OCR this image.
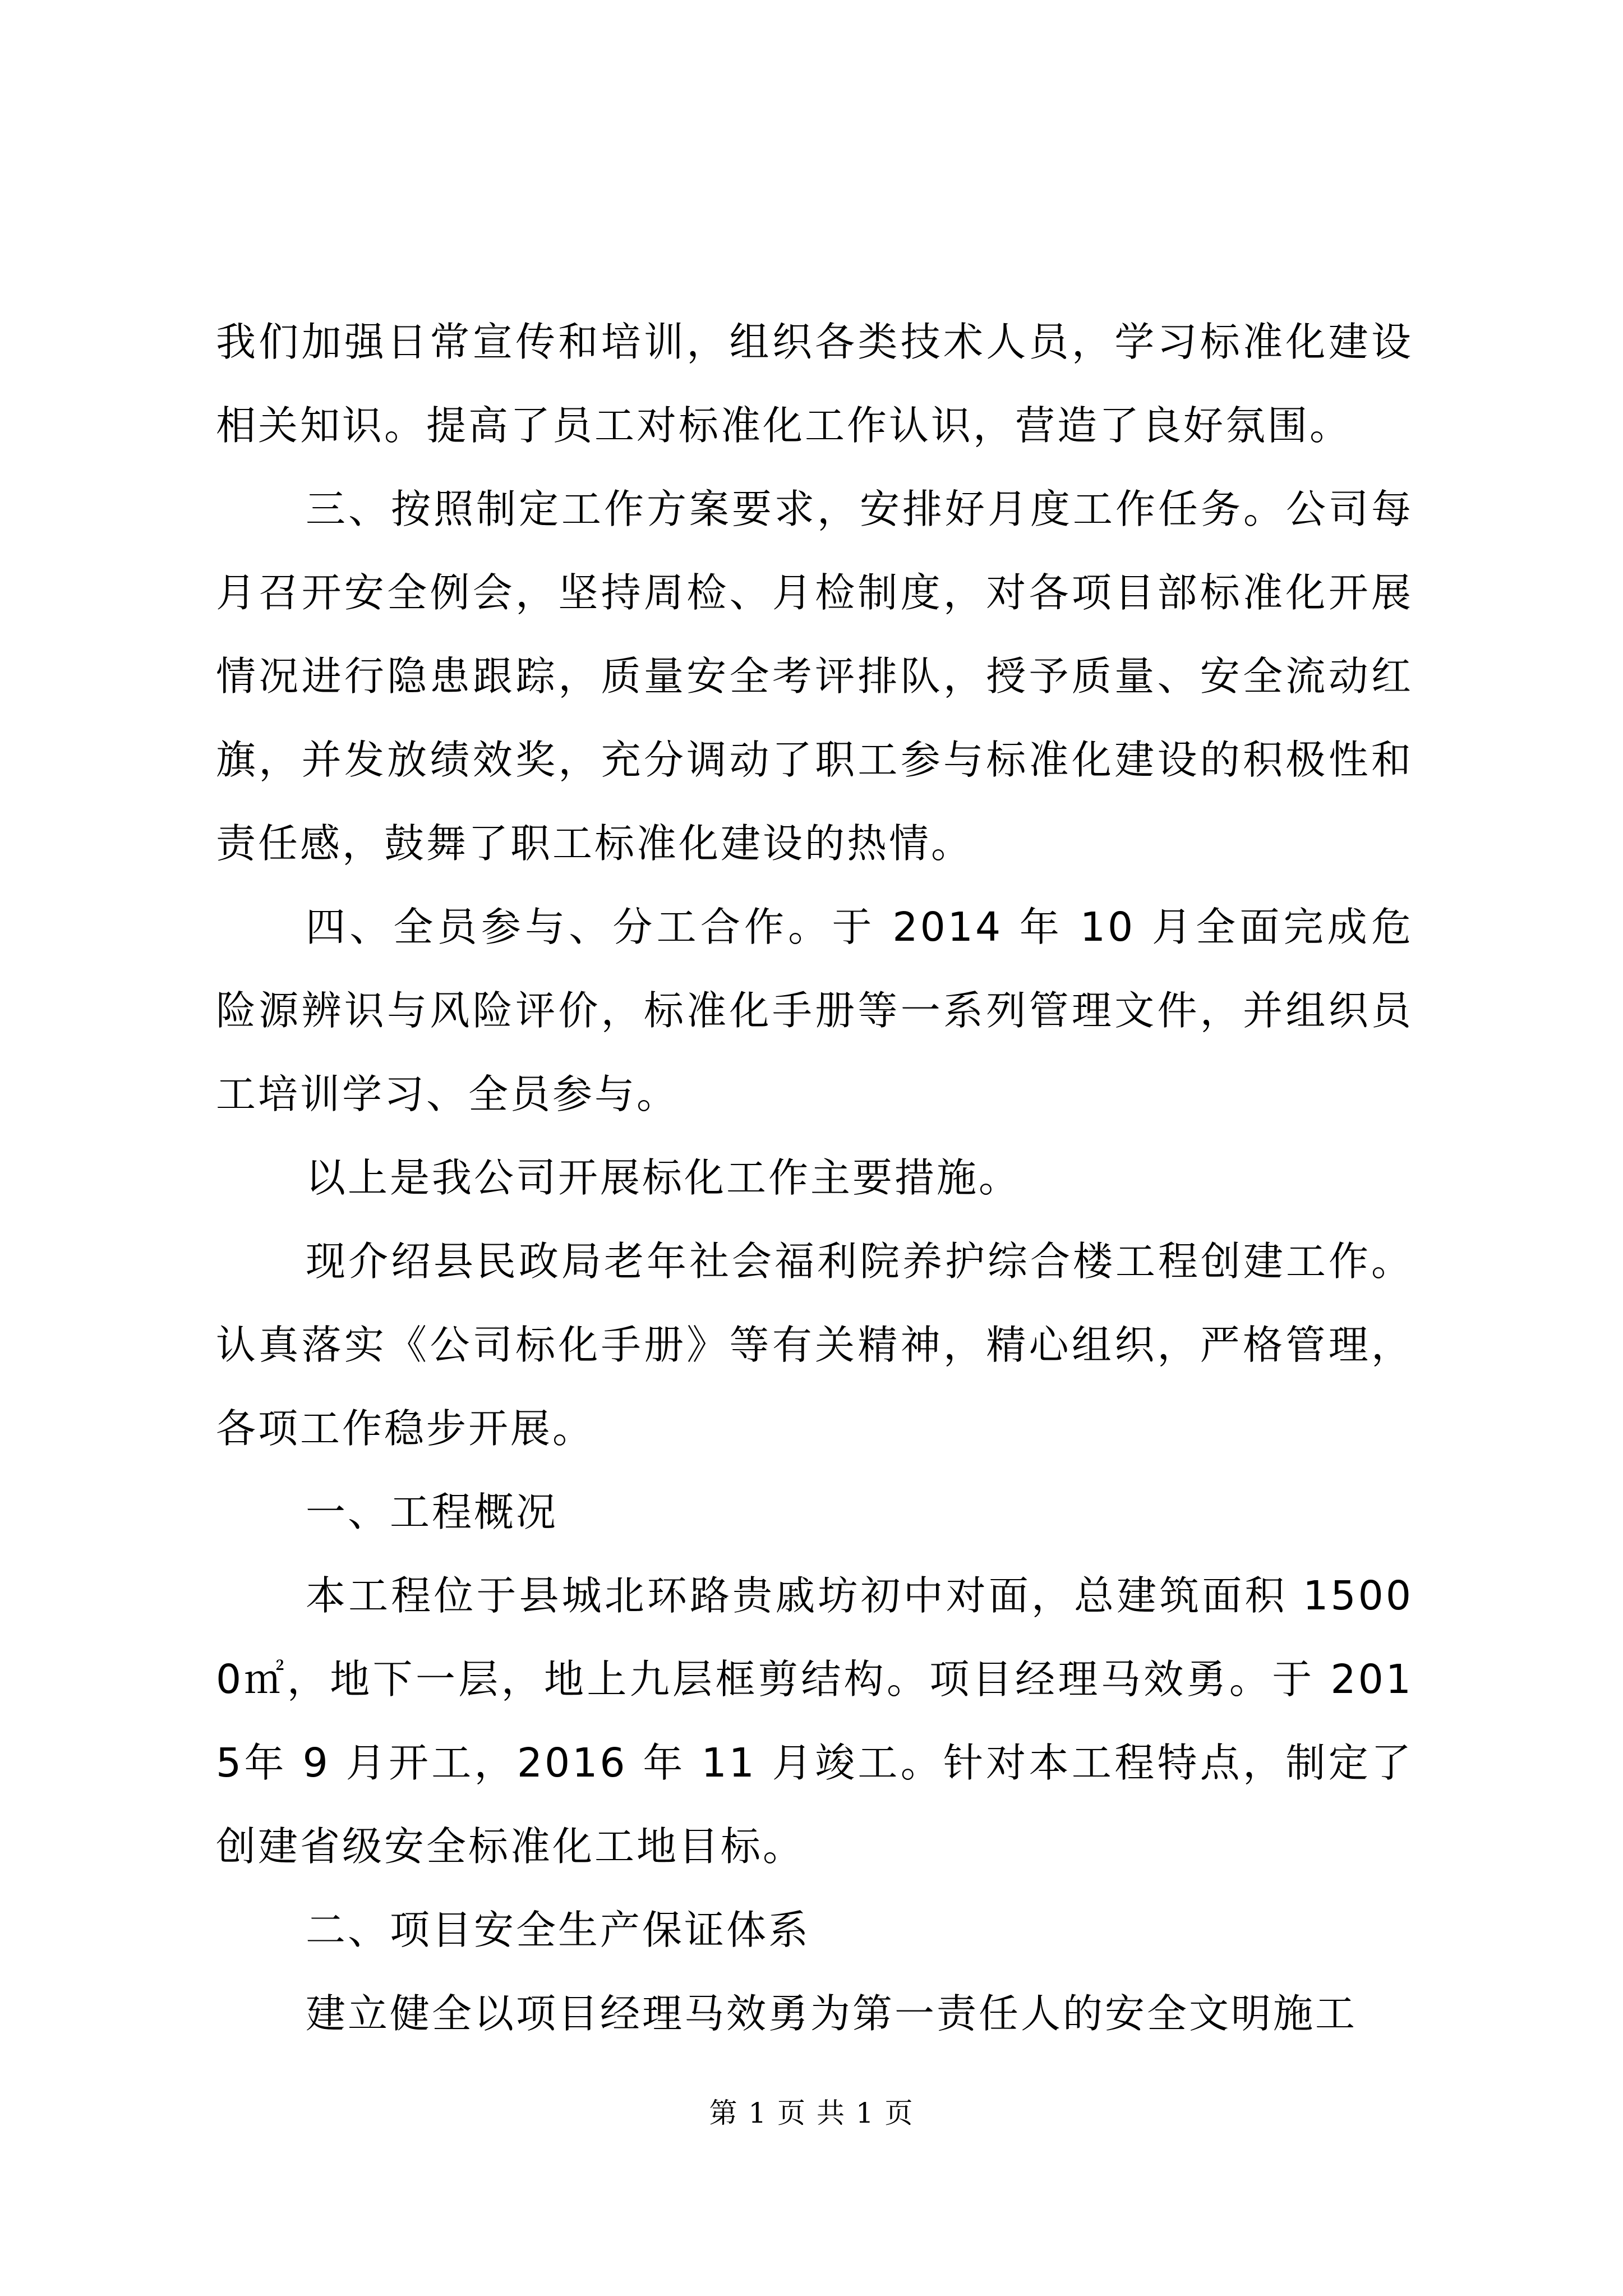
我们加强日常宣传和培训，组织各类技术人员，学习标准化建设相关知识。提高了员工对标准化工作认识，营造了良好氛围。

三、按照制定工作方案要求，安排好月度工作任务。公司每月召开安全例会，坚持周检、月检制度，对各项目部标准化开展情况进行隐患跟踪，质量安全考评排队，授予质量、安全流动红旗，并发放绩效奖，充分调动了职工参与标准化建设的积极性和责任感，鼓舞了职工标准化建设的热情。

四、全员参与、分工合作。于 2014 年 10 月全面完成危险源辨识与风险评价，标准化手册等一系列管理文件，并组织员工培训学习、全员参与。

以上是我公司开展标化工作主要措施。

现介绍县民政局老年社会福利院养护综合楼工程创建工作。认真落实《公司标化手册》等有关精神，精心组织，严格管理，各项工作稳步开展。

一、工程概况

本工程位于县城北环路贵戚坊初中对面，总建筑面积 15000㎡，地下一层，地上九层框剪结构。项目经理马效勇。于 2015年 9 月开工，2016 年 11 月竣工。针对本工程特点，制定了创建省级安全标准化工地目标。

二、项目安全生产保证体系

建立健全以项目经理马效勇为第一责任人的安全文明施工

第 1 页 共 1 页
